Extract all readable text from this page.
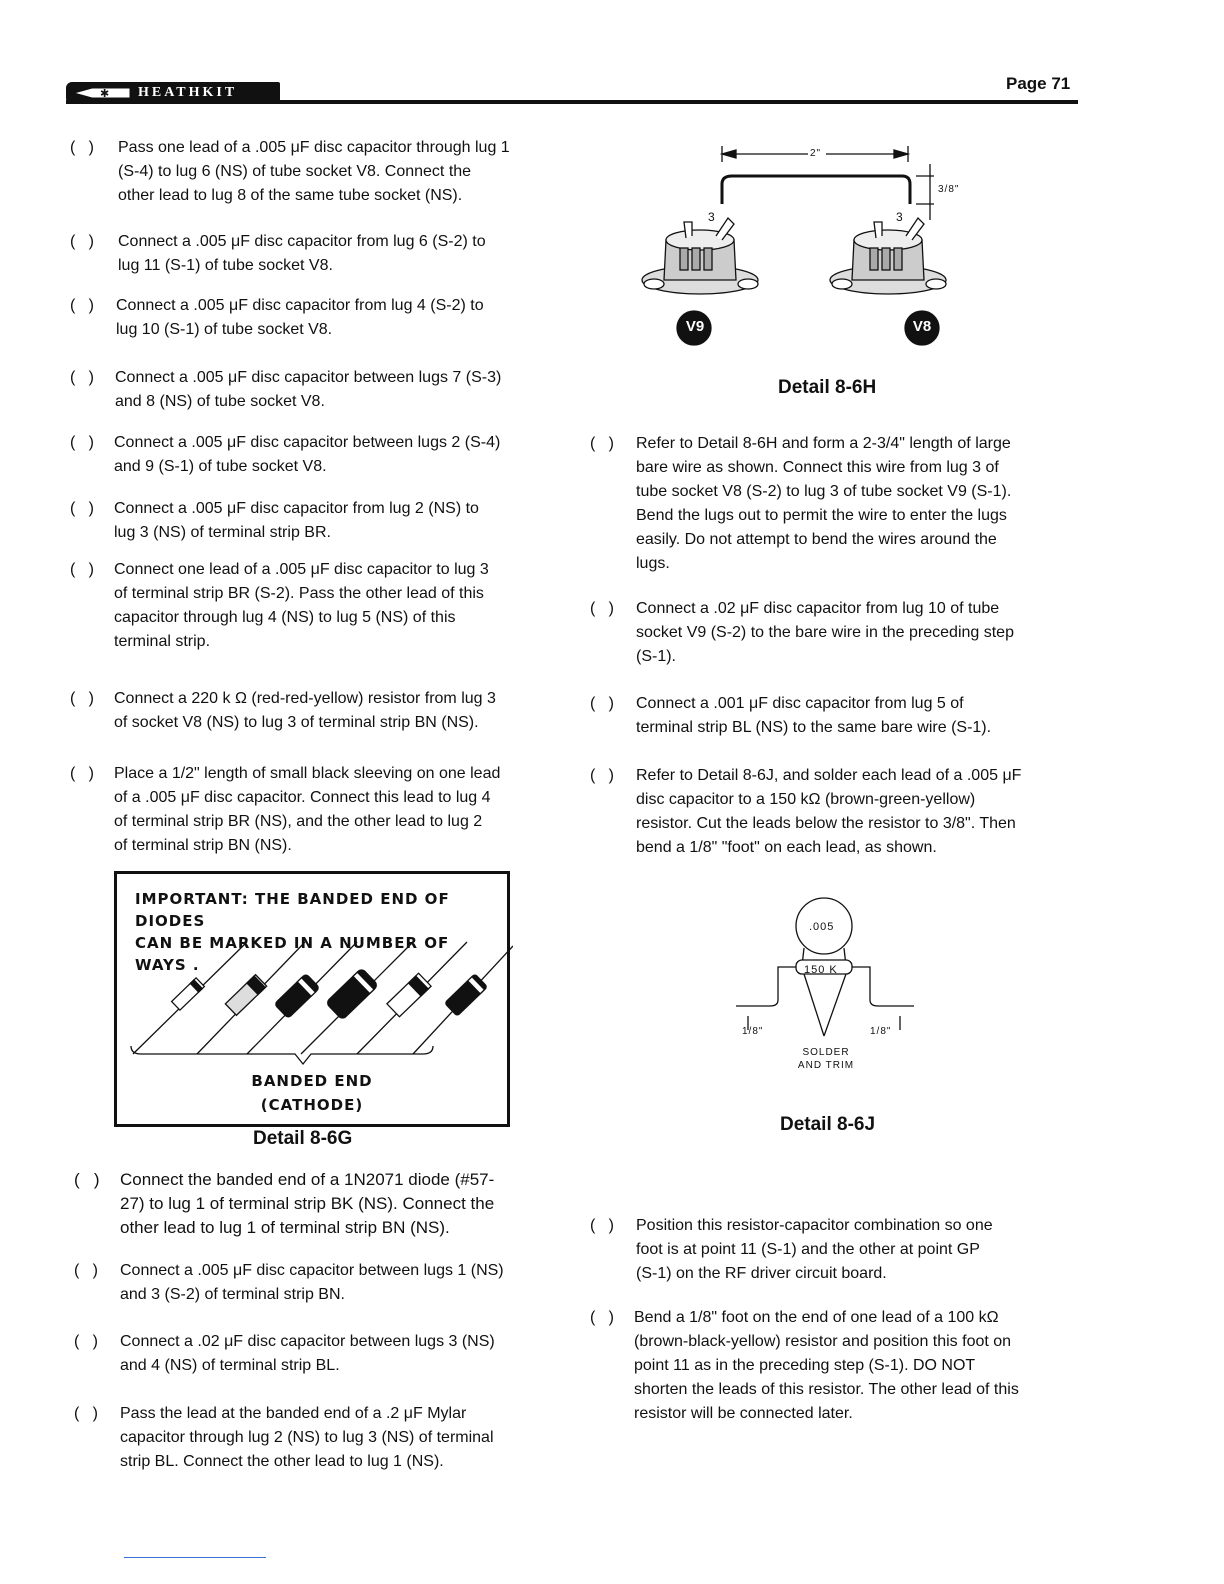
✱ HEATHKIT	Page 71
(   ) Pass one lead of a .005 μF disc capacitor through lug 1
(S-4) to lug 6 (NS) of tube socket V8. Connect the
other lead to lug 8 of the same tube socket (NS).
(   ) Connect a .005 μF disc capacitor from lug 6 (S-2) to
lug 11 (S-1) of tube socket V8.
(   ) Connect a .005 μF disc capacitor from lug 4 (S-2) to
lug 10 (S-1) of tube socket V8.
(   ) Connect a .005 μF disc capacitor between lugs 7 (S-3)
and 8 (NS) of tube socket V8.
(   ) Connect a .005 μF disc capacitor between lugs 2 (S-4)
and 9 (S-1) of tube socket V8.
(   ) Connect a .005 μF disc capacitor from lug 2 (NS) to
lug 3 (NS) of terminal strip BR.
(   ) Connect one lead of a .005 μF disc capacitor to lug 3
of terminal strip BR (S-2). Pass the other lead of this
capacitor through lug 4 (NS) to lug 5 (NS) of this
terminal strip.
(   ) Connect a 220 k Ω (red-red-yellow) resistor from lug 3
of socket V8 (NS) to lug 3 of terminal strip BN (NS).
(   ) Place a 1/2" length of small black sleeving on one lead
of a .005 μF disc capacitor. Connect this lead to lug 4
of terminal strip BR (NS), and the other lead to lug 2
of terminal strip BN (NS).
IMPORTANT: THE BANDED END OF DIODES
CAN BE MARKED IN A NUMBER OF WAYS .
BANDED END
(CATHODE)
Detail 8-6G
(   ) Connect the banded end of a 1N2071 diode (#57-
27) to lug 1 of terminal strip BK (NS). Connect the
other lead to lug 1 of terminal strip BN (NS).
(   ) Connect a .005 μF disc capacitor between lugs 1 (NS)
and 3 (S-2) of terminal strip BN.
(   ) Connect a .02 μF disc capacitor between lugs 3 (NS)
and 4 (NS) of terminal strip BL.
(   ) Pass the lead at the banded end of a .2 μF Mylar
capacitor through lug 2 (NS) to lug 3 (NS) of terminal
strip BL. Connect the other lead to lug 1 (NS).
2"
3/8"
3	3
V9	V8
Detail 8-6H
(   ) Refer to Detail 8-6H and form a 2-3/4" length of large
bare wire as shown. Connect this wire from lug 3 of
tube socket V8 (S-2) to lug 3 of tube socket V9 (S-1).
Bend the lugs out to permit the wire to enter the lugs
easily. Do not attempt to bend the wires around the
lugs.
(   ) Connect a .02 μF disc capacitor from lug 10 of tube
socket V9 (S-2) to the bare wire in the preceding step
(S-1).
(   ) Connect a .001 μF disc capacitor from lug 5 of
terminal strip BL (NS) to the same bare wire (S-1).
(   ) Refer to Detail 8-6J, and solder each lead of a .005 μF
disc capacitor to a 150 kΩ (brown-green-yellow)
resistor. Cut the leads below the resistor to 3/8". Then
bend a 1/8" "foot" on each lead, as shown.
.005
150 K
1/8"	1/8"
SOLDER
AND TRIM
Detail 8-6J
(   ) Position this resistor-capacitor combination so one
foot is at point 11 (S-1) and the other at point GP
(S-1) on the RF driver circuit board.
(   ) Bend a 1/8" foot on the end of one lead of a 100 kΩ
(brown-black-yellow) resistor and position this foot on
point 11 as in the preceding step (S-1). DO NOT
shorten the leads of this resistor. The other lead of this
resistor will be connected later.
